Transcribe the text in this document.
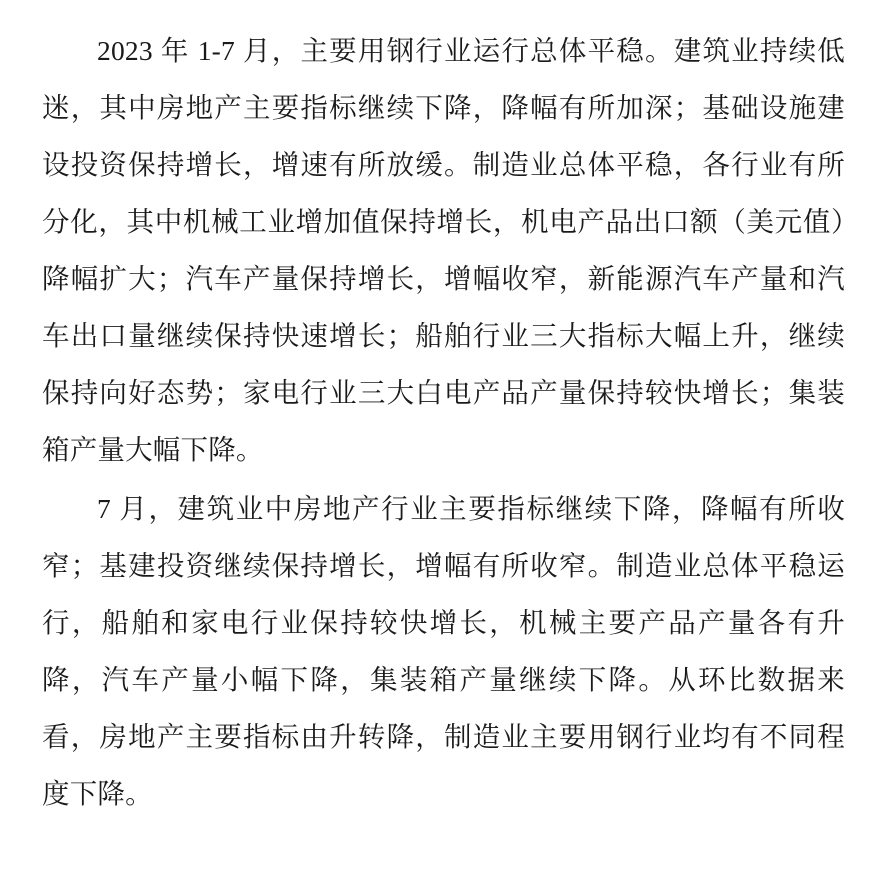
2023 年 1-7 月，主要用钢行业运行总体平稳。建筑业持续低迷，其中房地产主要指标继续下降，降幅有所加深；基础设施建设投资保持增长，增速有所放缓。制造业总体平稳，各行业有所分化，其中机械工业增加值保持增长，机电产品出口额（美元值）降幅扩大；汽车产量保持增长，增幅收窄，新能源汽车产量和汽车出口量继续保持快速增长；船舶行业三大指标大幅上升，继续保持向好态势；家电行业三大白电产品产量保持较快增长；集装箱产量大幅下降。

7 月，建筑业中房地产行业主要指标继续下降，降幅有所收窄；基建投资继续保持增长，增幅有所收窄。制造业总体平稳运行，船舶和家电行业保持较快增长，机械主要产品产量各有升降，汽车产量小幅下降，集装箱产量继续下降。从环比数据来看，房地产主要指标由升转降，制造业主要用钢行业均有不同程度下降。
